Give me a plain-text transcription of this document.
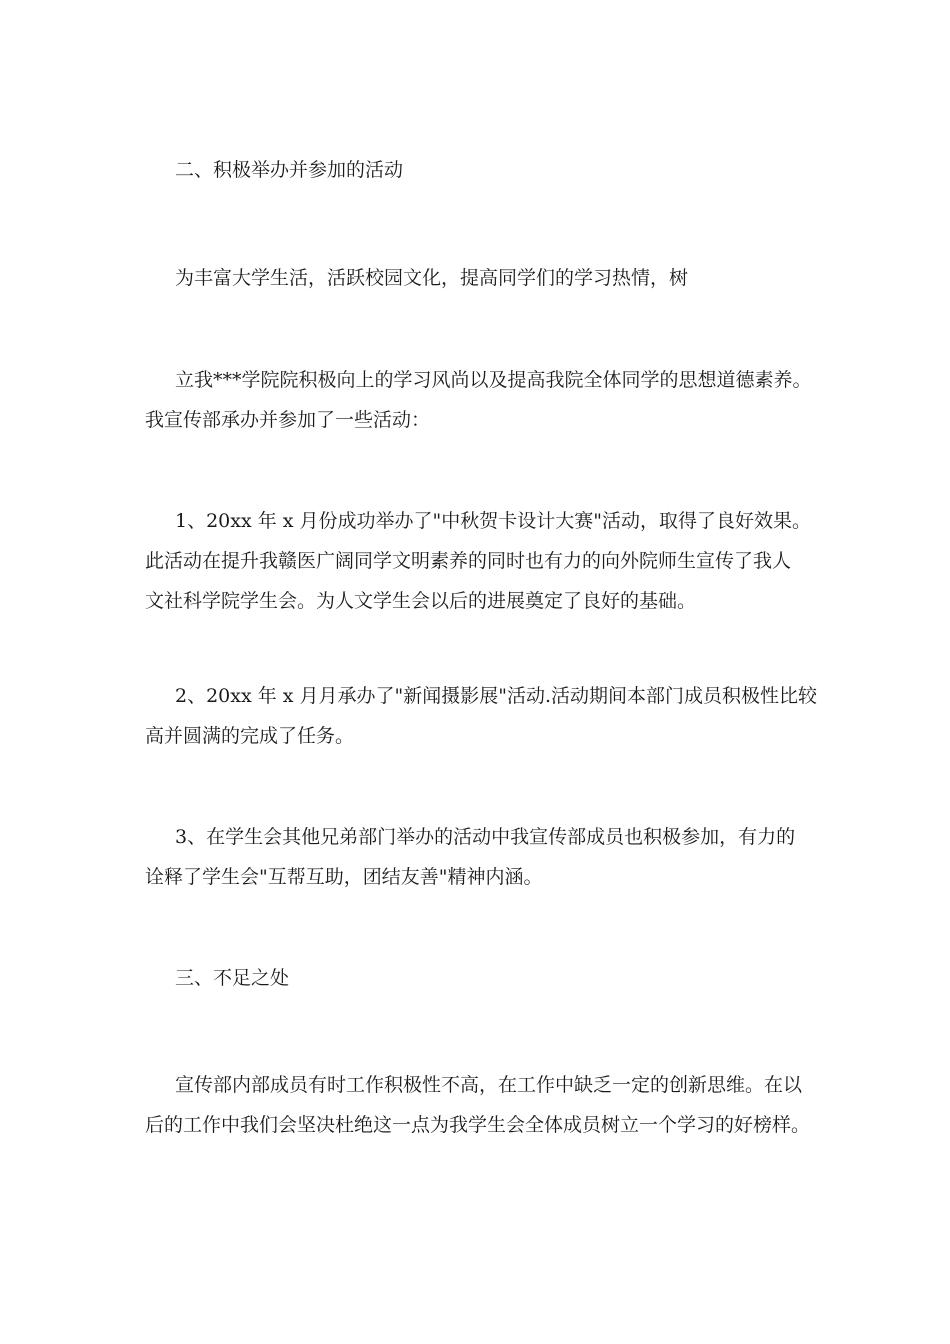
二、积极举办并参加的活动

为丰富大学生活，活跃校园文化，提高同学们的学习热情，树
立我***学院院积极向上的学习风尚以及提高我院全体同学的思想道德素养。
我宣传部承办并参加了一些活动：
1、20xx 年 x 月份成功举办了"中秋贺卡设计大赛"活动，取得了良好效果。
此活动在提升我赣医广阔同学文明素养的同时也有力的向外院师生宣传了我人
文社科学院学生会。为人文学生会以后的进展奠定了良好的基础。
2、20xx 年 x 月月承办了"新闻摄影展"活动.活动期间本部门成员积极性比较
高并圆满的完成了任务。
3、在学生会其他兄弟部门举办的活动中我宣传部成员也积极参加，有力的
诠释了学生会"互帮互助，团结友善"精神内涵。

三、不足之处

宣传部内部成员有时工作积极性不高，在工作中缺乏一定的创新思维。在以
后的工作中我们会坚决杜绝这一点为我学生会全体成员树立一个学习的好榜样。
